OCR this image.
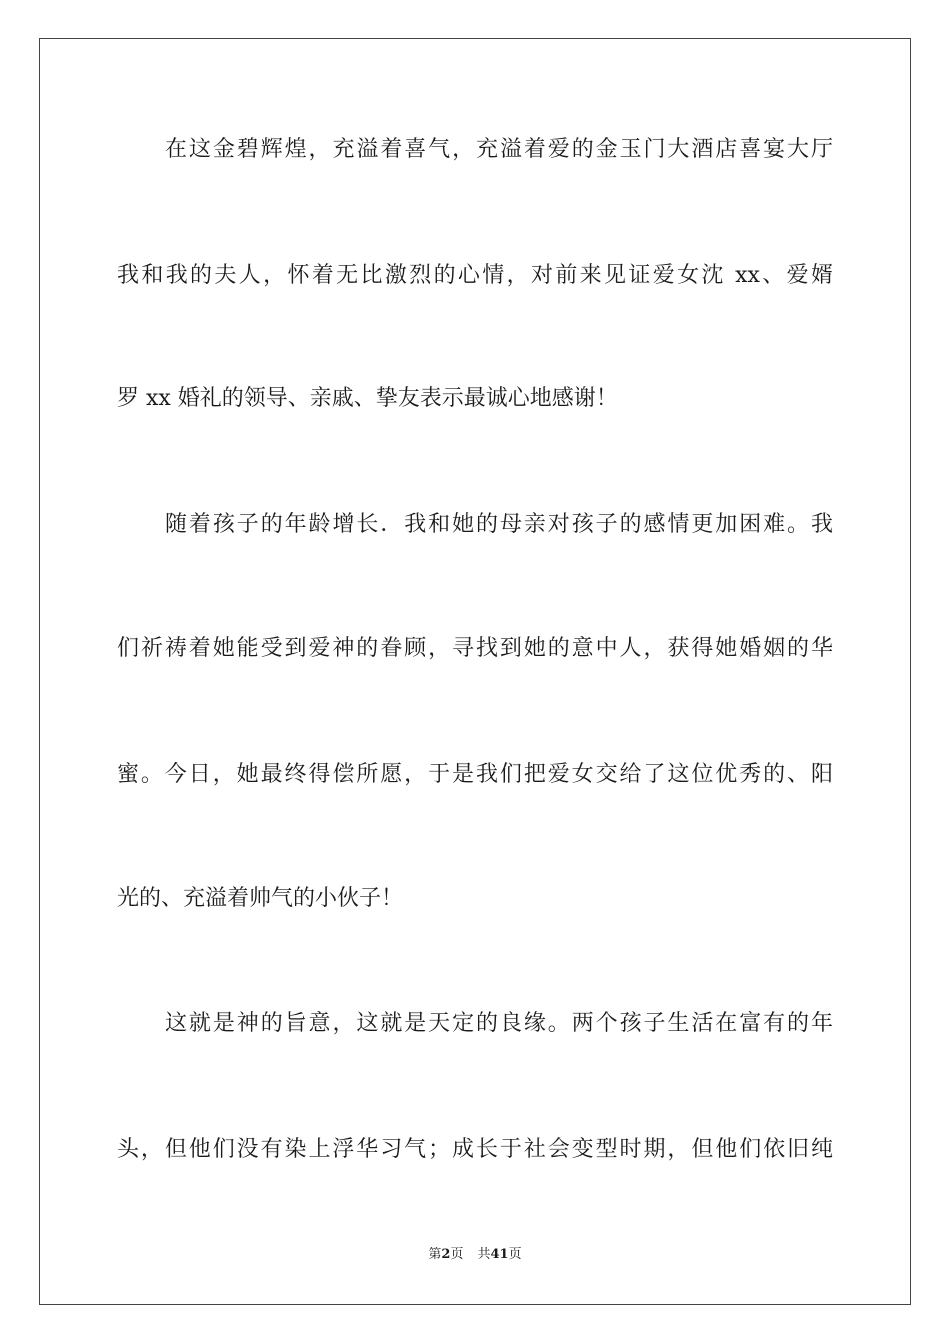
在这金碧辉煌，充溢着喜气，充溢着爱的金玉门大酒店喜宴大厅
我和我的夫人，怀着无比激烈的心情，对前来见证爱女沈 xx、爱婿
罗 xx 婚礼的领导、亲戚、挚友表示最诚心地感谢！
随着孩子的年龄增长．我和她的母亲对孩子的感情更加困难。我
们祈祷着她能受到爱神的眷顾，寻找到她的意中人，获得她婚姻的华
蜜。今日，她最终得偿所愿，于是我们把爱女交给了这位优秀的、阳
光的、充溢着帅气的小伙子！
这就是神的旨意，这就是天定的良缘。两个孩子生活在富有的年
头，但他们没有染上浮华习气；成长于社会变型时期，但他们依旧纯
第2页 共41页
